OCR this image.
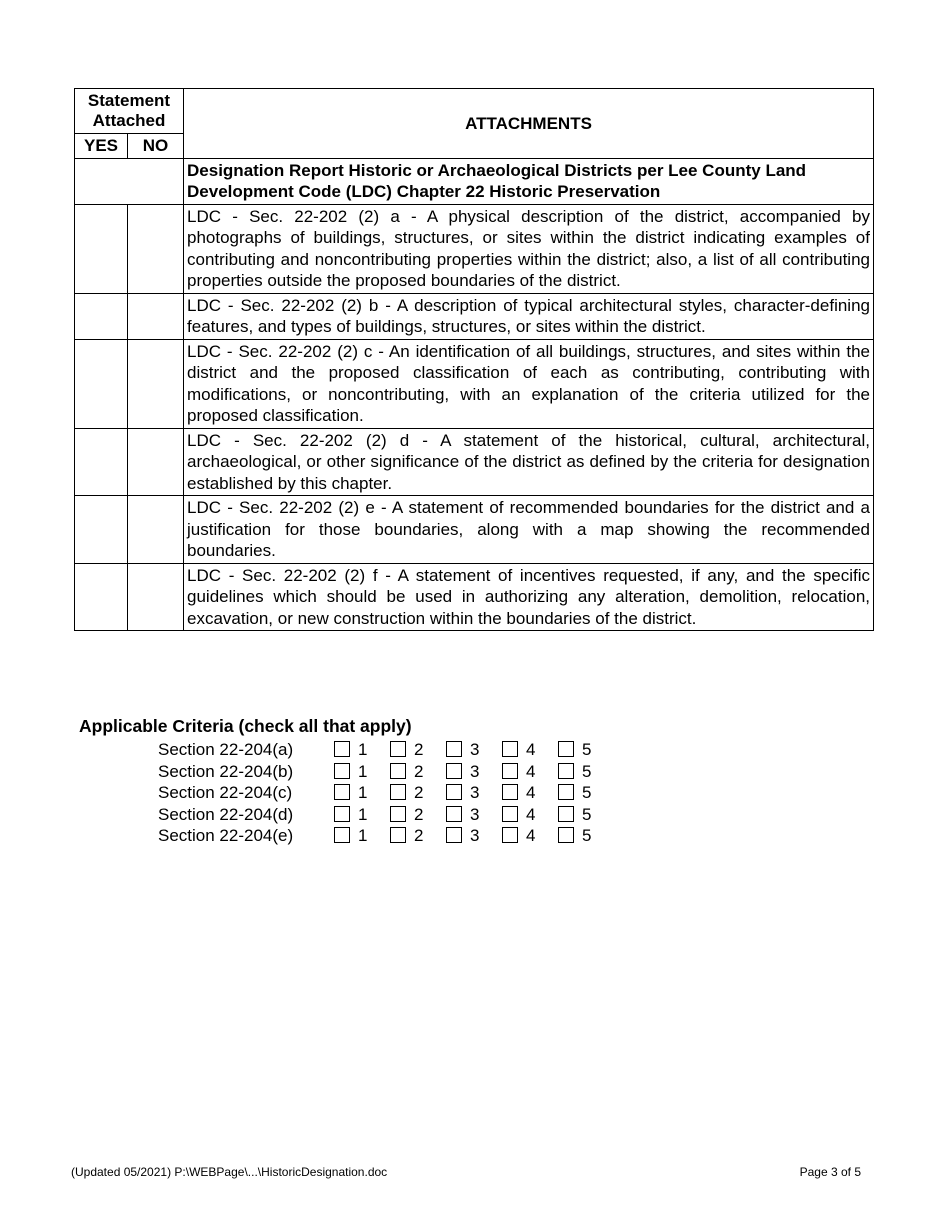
Statement Attached		ATTACHMENTS
YES	NO	
		Designation Report Historic or Archaeological Districts per Lee County Land Development Code (LDC) Chapter 22 Historic Preservation
		LDC - Sec. 22-202 (2) a - A physical description of the district, accompanied by photographs of buildings, structures, or sites within the district indicating examples of contributing and noncontributing properties within the district; also, a list of all contributing properties outside the proposed boundaries of the district.
		LDC - Sec. 22-202 (2) b - A description of typical architectural styles, character-defining features, and types of buildings, structures, or sites within the district.
		LDC - Sec. 22-202 (2) c - An identification of all buildings, structures, and sites within the district and the proposed classification of each as contributing, contributing with modifications, or noncontributing, with an explanation of the criteria utilized for the proposed classification.
		LDC - Sec. 22-202 (2) d - A statement of the historical, cultural, architectural, archaeological, or other significance of the district as defined by the criteria for designation established by this chapter.
		LDC - Sec. 22-202 (2) e - A statement of recommended boundaries for the district and a justification for those boundaries, along with a map showing the recommended boundaries.
		LDC - Sec. 22-202 (2) f - A statement of incentives requested, if any, and the specific guidelines which should be used in authorizing any alteration, demolition, relocation, excavation, or new construction within the boundaries of the district.
Applicable Criteria (check all that apply)
Section 22-204(a)	1	2	3	4	5
Section 22-204(b)	1	2	3	4	5
Section 22-204(c)	1	2	3	4	5
Section 22-204(d)	1	2	3	4	5
Section 22-204(e)	1	2	3	4	5
(Updated 05/2021) P:\WEBPage\...\HistoricDesignation.doc	Page 3 of 5
